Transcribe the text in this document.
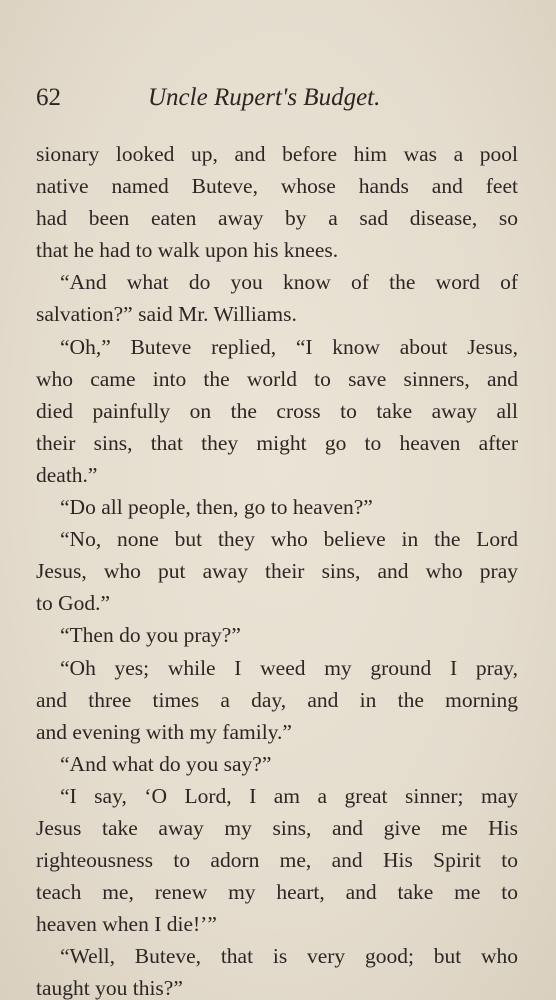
62	Uncle Rupert's Budget.
sionary looked up, and before him was a pool
native named Buteve, whose hands and feet
had been eaten away by a sad disease, so
that he had to walk upon his knees.
“And what do you know of the word of
salvation?” said Mr. Williams.
“Oh,” Buteve replied, “I know about Jesus,
who came into the world to save sinners, and
died painfully on the cross to take away all
their sins, that they might go to heaven after
death.”
“Do all people, then, go to heaven?”
“No, none but they who believe in the Lord
Jesus, who put away their sins, and who pray
to God.”
“Then do you pray?”
“Oh yes; while I weed my ground I pray,
and three times a day, and in the morning
and evening with my family.”
“And what do you say?”
“I say, ‘O Lord, I am a great sinner; may
Jesus take away my sins, and give me His
righteousness to adorn me, and His Spirit to
teach me, renew my heart, and take me to
heaven when I die!’”
“Well, Buteve, that is very good; but who
taught you this?”
